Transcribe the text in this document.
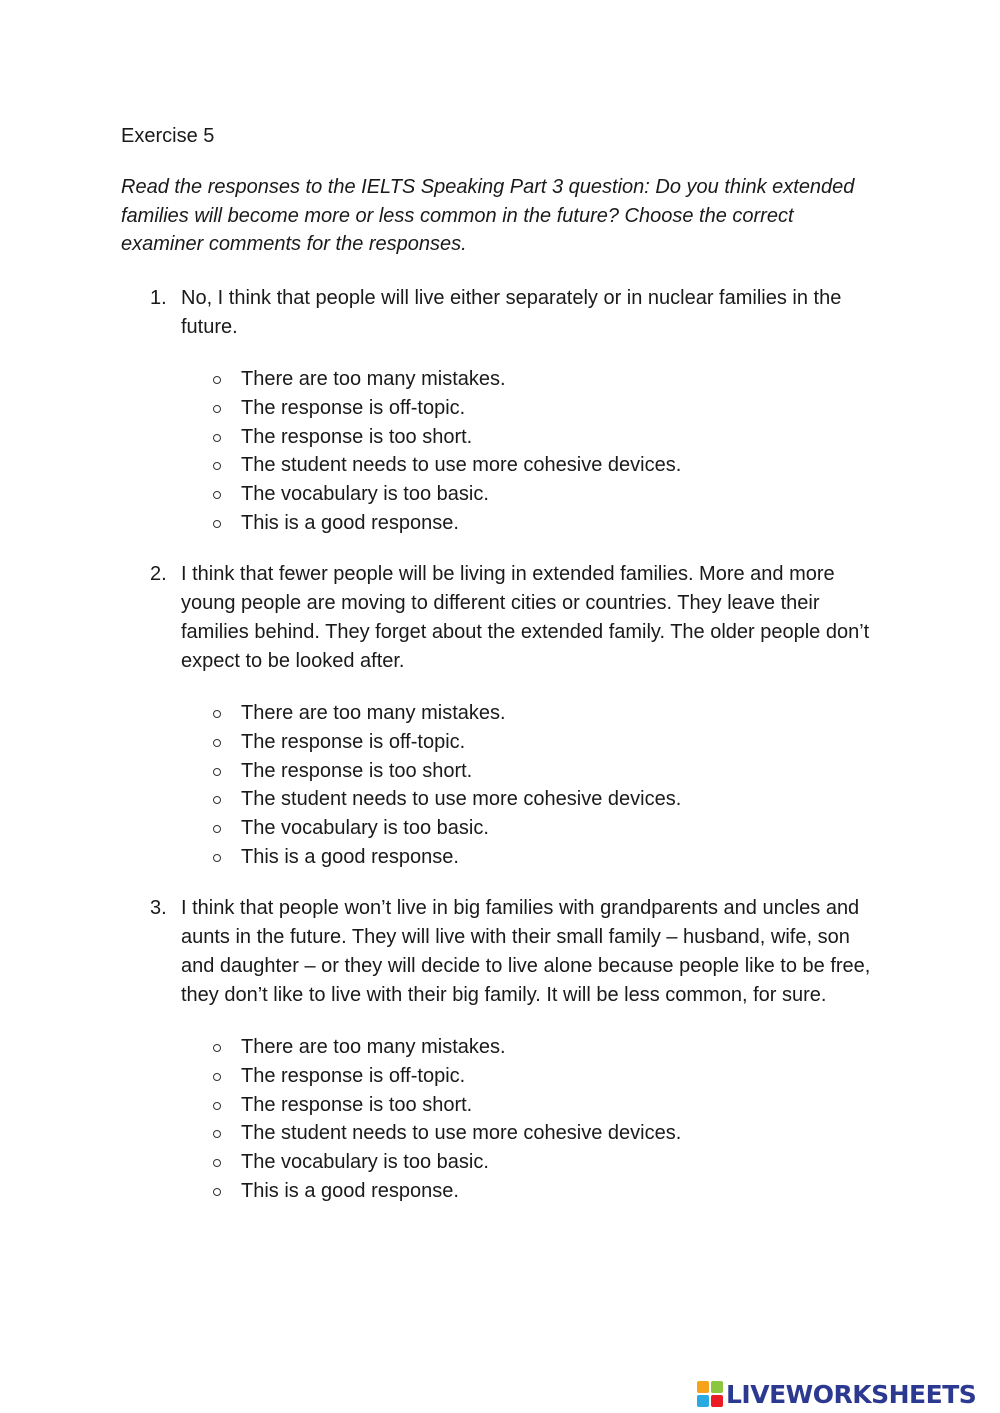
Exercise 5

Read the responses to the IELTS Speaking Part 3 question: Do you think extended families will become more or less common in the future? Choose the correct examiner comments for the responses.

1. No, I think that people will live either separately or in nuclear families in the future.

There are too many mistakes.
The response is off-topic.
The response is too short.
The student needs to use more cohesive devices.
The vocabulary is too basic.
This is a good response.

2. I think that fewer people will be living in extended families. More and more young people are moving to different cities or countries. They leave their families behind. They forget about the extended family. The older people don’t expect to be looked after.

There are too many mistakes.
The response is off-topic.
The response is too short.
The student needs to use more cohesive devices.
The vocabulary is too basic.
This is a good response.

3. I think that people won’t live in big families with grandparents and uncles and aunts in the future. They will live with their small family – husband, wife, son and daughter – or they will decide to live alone because people like to be free, they don’t like to live with their big family. It will be less common, for sure.

There are too many mistakes.
The response is off-topic.
The response is too short.
The student needs to use more cohesive devices.
The vocabulary is too basic.
This is a good response.
LIVEWORKSHEETS
